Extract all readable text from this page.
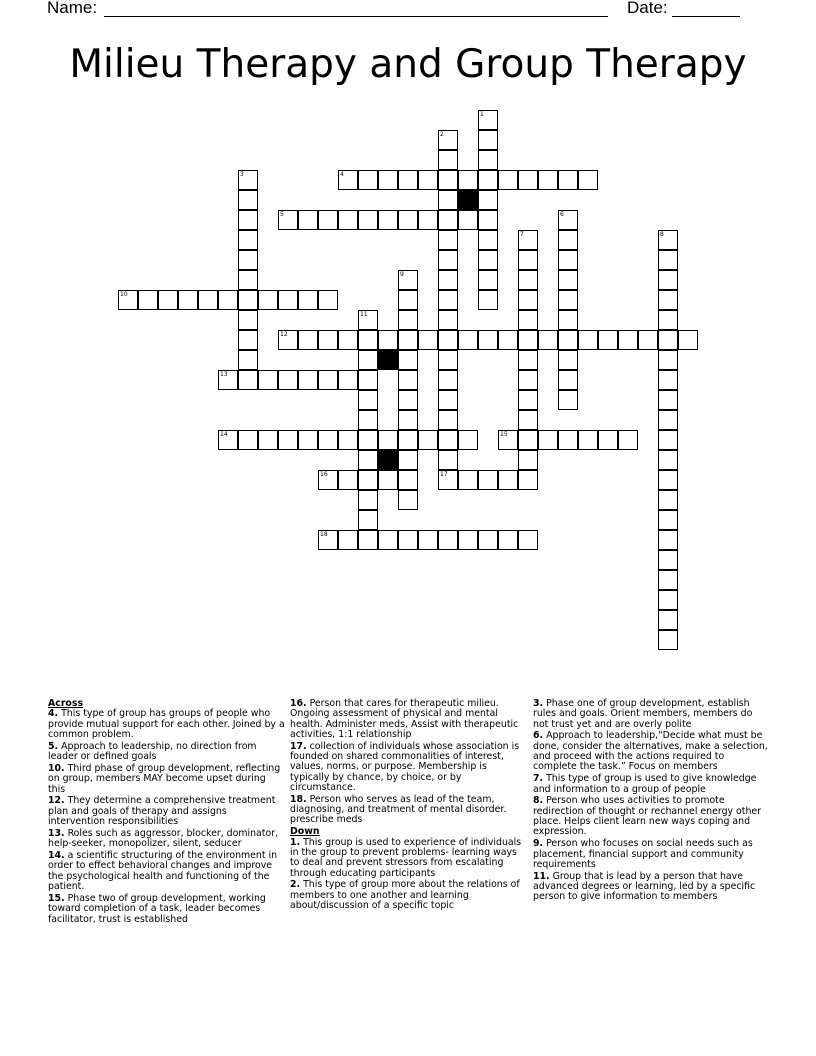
Name:	Date:
Milieu Therapy and Group Therapy
1
2
3	4
5	6
7	8
9
10
11
12
13
14	15
16	17
18
Across
4. This type of group has groups of people who provide mutual support for each other. Joined by a common problem.
5. Approach to leadership, no direction from leader or defined goals
10. Third phase of group development, reflecting on group, members MAY become upset during this
12. They determine a comprehensive treatment plan and goals of therapy and assigns intervention responsibilities
13. Roles such as aggressor, blocker, dominator, help-seeker, monopolizer, silent, seducer
14. a scientific structuring of the environment in order to effect behavioral changes and improve the psychological health and functioning of the patient.
15. Phase two of group development, working toward completion of a task, leader becomes facilitator, trust is established
16. Person that cares for therapeutic milieu. Ongoing assessment of physical and mental health. Administer meds, Assist with therapeutic activities, 1:1 relationship
17. collection of individuals whose association is founded on shared commonalities of interest, values, norms, or purpose. Membership is typically by chance, by choice, or by circumstance.
18. Person who serves as lead of the team, diagnosing, and treatment of mental disorder. prescribe meds
Down
1. This group is used to experience of individuals in the group to prevent problems- learning ways to deal and prevent stressors from escalating through educating participants
2. This type of group more about the relations of members to one another and learning about/discussion of a specific topic
3. Phase one of group development, establish rules and goals. Orient members, members do not trust yet and are overly polite
6. Approach to leadership,“Decide what must be done, consider the alternatives, make a selection, and proceed with the actions required to complete the task.” Focus on members
7. This type of group is used to give knowledge and information to a group of people
8. Person who uses activities to promote redirection of thought or rechannel energy other place. Helps client learn new ways coping and expression.
9. Person who focuses on social needs such as placement, financial support and community requirements
11. Group that is lead by a person that have advanced degrees or learning, led by a specific person to give information to members
